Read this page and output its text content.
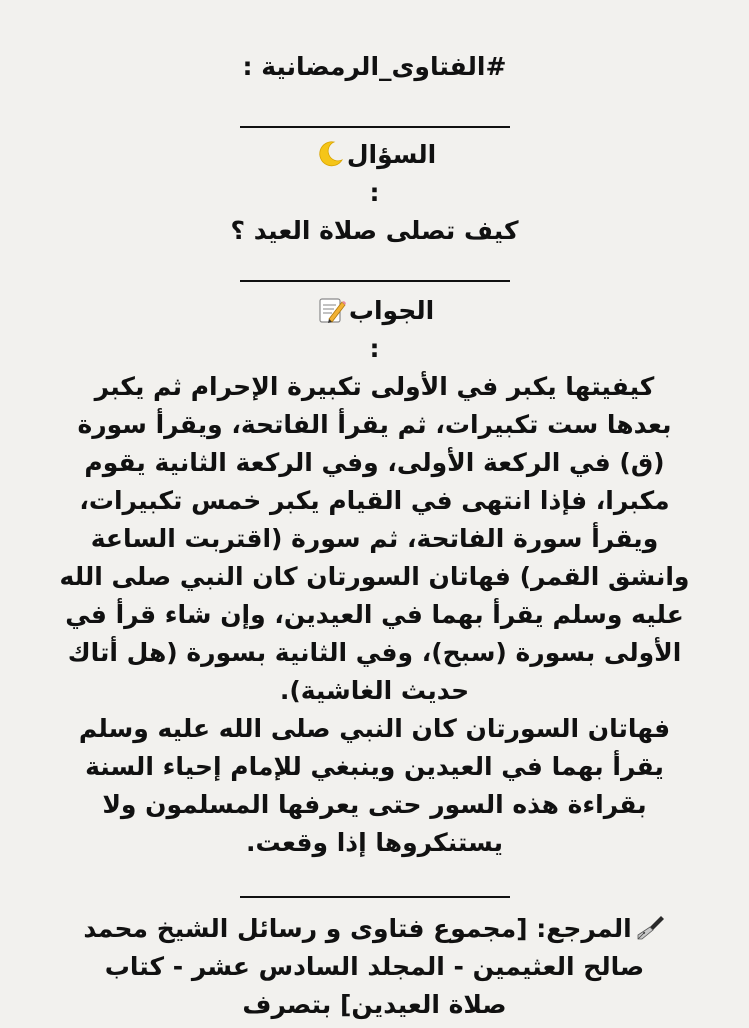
#الفتاوى_الرمضانية :

السؤال

:

كيف تصلى صلاة العيد ؟

الجواب

:

كيفيتها يكبر في الأولى تكبيرة الإحرام ثم يكبر

بعدها ست تكبيرات، ثم يقرأ الفاتحة، ويقرأ سورة

(ق) في الركعة الأولى، وفي الركعة الثانية يقوم

مكبرا، فإذا انتهى في القيام يكبر خمس تكبيرات،

ويقرأ سورة الفاتحة، ثم سورة (اقتربت الساعة

وانشق القمر) فهاتان السورتان كان النبي صلى الله

عليه وسلم يقرأ بهما في العيدين، وإن شاء قرأ في

الأولى بسورة (سبح)، وفي الثانية بسورة (هل أتاك

حديث الغاشية).

فهاتان السورتان كان النبي صلى الله عليه وسلم

يقرأ بهما في العيدين وينبغي للإمام إحياء السنة

بقراءة هذه السور حتى يعرفها المسلمون ولا

يستنكروها إذا وقعت.

المرجع: [مجموع فتاوى و رسائل الشيخ محمد

صالح العثيمين - المجلد السادس عشر - كتاب

صلاة العيدين] بتصرف
